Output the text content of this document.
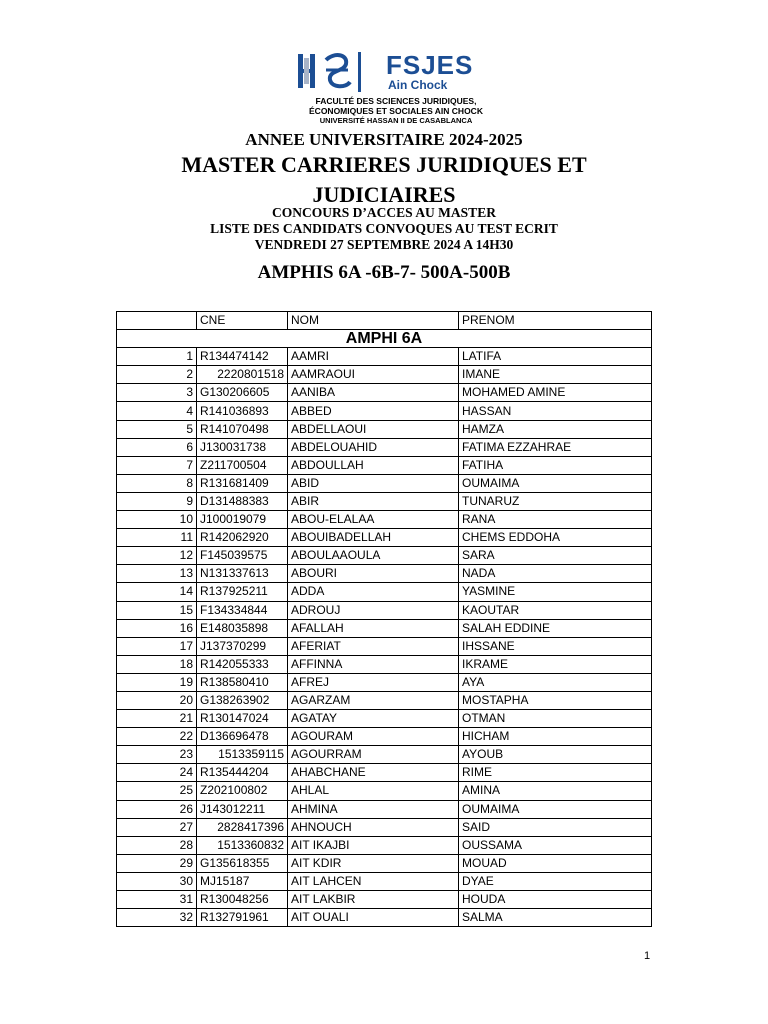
FSJES
Ain Chock
FACULTÉ DES SCIENCES JURIDIQUES,
ÉCONOMIQUES ET SOCIALES AIN CHOCK
UNIVERSITÉ HASSAN II DE CASABLANCA
ANNEE UNIVERSITAIRE 2024-2025
MASTER CARRIERES JURIDIQUES ET
JUDICIAIRES
CONCOURS D’ACCES AU MASTER
LISTE DES CANDIDATS CONVOQUES AU TEST ECRIT
VENDREDI 27 SEPTEMBRE 2024 A 14H30
AMPHIS 6A -6B-7- 500A-500B
	CNE	NOM	PRENOM
AMPHI 6A			
1	R134474142	AAMRI	LATIFA
2	2220801518	AAMRAOUI	IMANE
3	G130206605	AANIBA	MOHAMED AMINE
4	R141036893	ABBED	HASSAN
5	R141070498	ABDELLAOUI	HAMZA
6	J130031738	ABDELOUAHID	FATIMA EZZAHRAE
7	Z211700504	ABDOULLAH	FATIHA
8	R131681409	ABID	OUMAIMA
9	D131488383	ABIR	TUNARUZ
10	J100019079	ABOU-ELALAA	RANA
11	R142062920	ABOUIBADELLAH	CHEMS EDDOHA
12	F145039575	ABOULAAOULA	SARA
13	N131337613	ABOURI	NADA
14	R137925211	ADDA	YASMINE
15	F134334844	ADROUJ	KAOUTAR
16	E148035898	AFALLAH	SALAH EDDINE
17	J137370299	AFERIAT	IHSSANE
18	R142055333	AFFINNA	IKRAME
19	R138580410	AFREJ	AYA
20	G138263902	AGARZAM	MOSTAPHA
21	R130147024	AGATAY	OTMAN
22	D136696478	AGOURAM	HICHAM
23	1513359115	AGOURRAM	AYOUB
24	R135444204	AHABCHANE	RIME
25	Z202100802	AHLAL	AMINA
26	J143012211	AHMINA	OUMAIMA
27	2828417396	AHNOUCH	SAID
28	1513360832	AIT IKAJBI	OUSSAMA
29	G135618355	AIT KDIR	MOUAD
30	MJ15187	AIT LAHCEN	DYAE
31	R130048256	AIT LAKBIR	HOUDA
32	R132791961	AIT OUALI	SALMA
1
